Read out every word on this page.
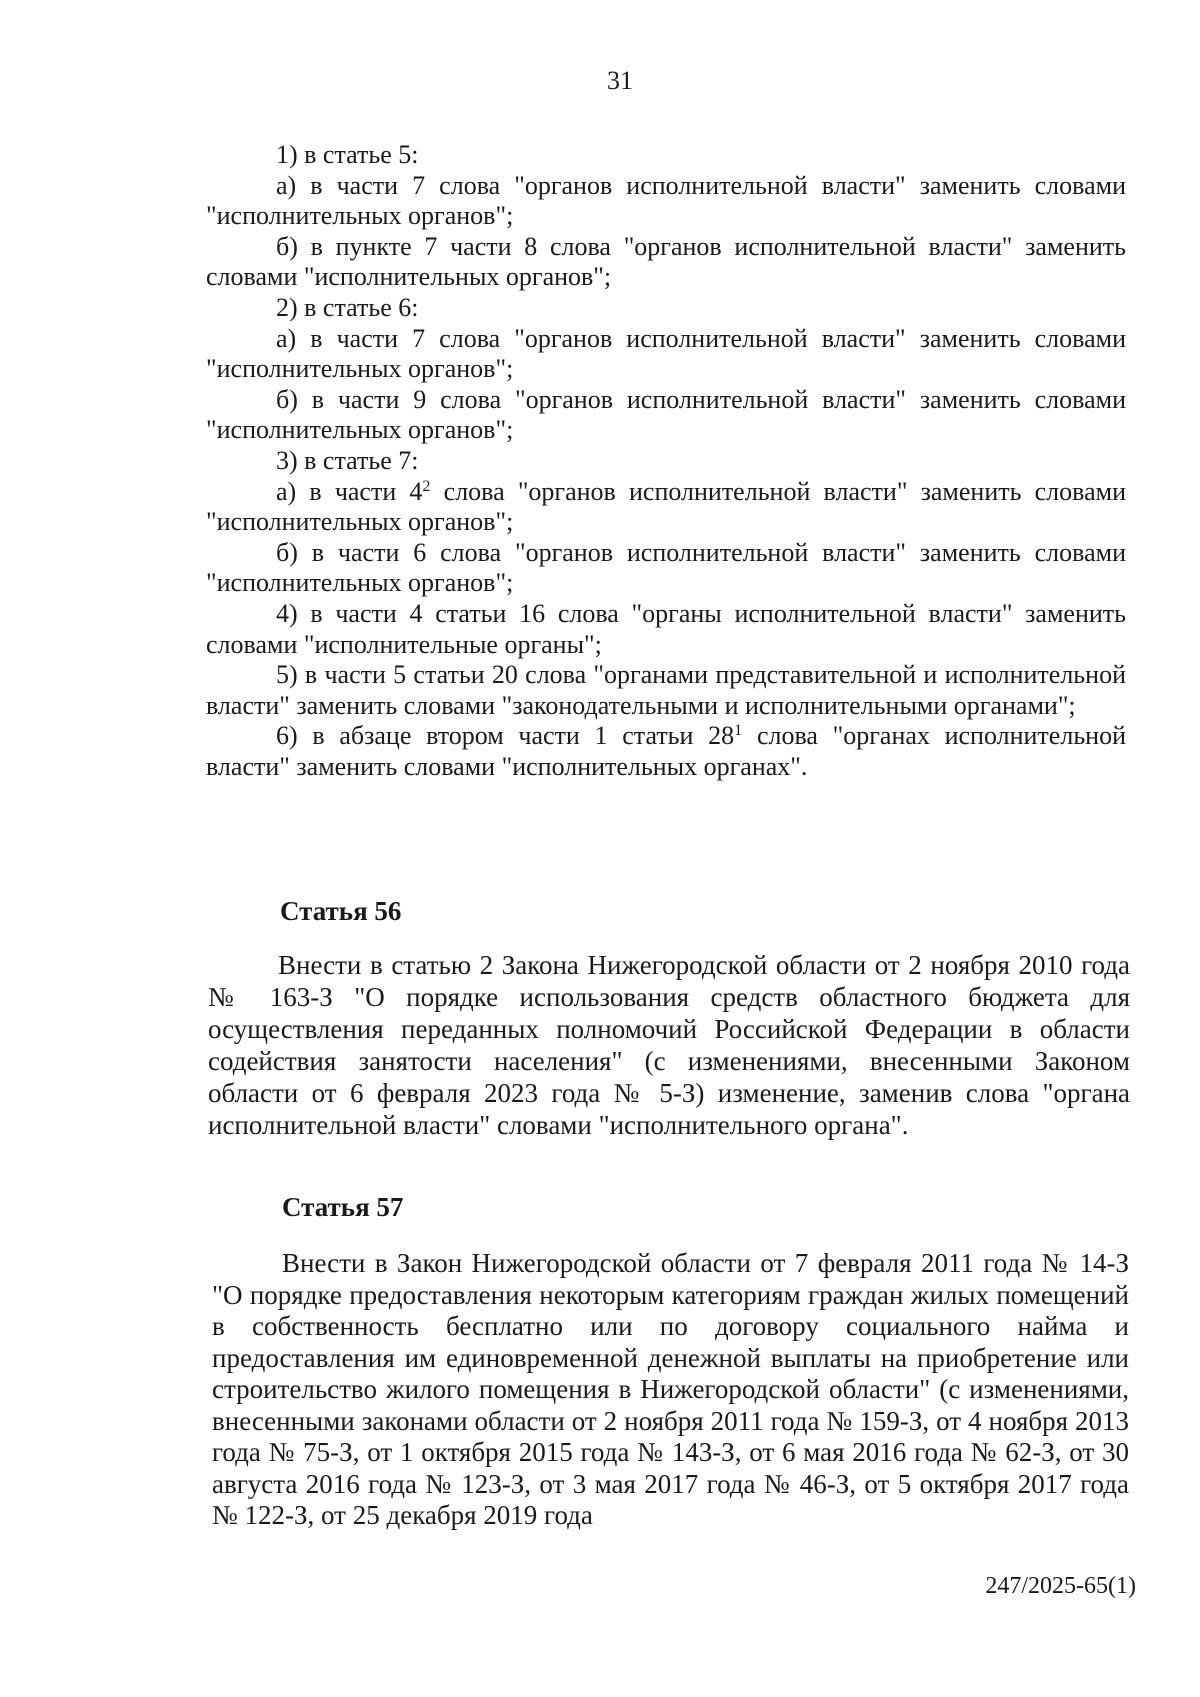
31

1) в статье 5:

а) в части 7 слова "органов исполнительной власти" заменить словами "исполнительных органов";

б) в пункте 7 части 8 слова "органов исполнительной власти" заменить словами "исполнительных органов";

2) в статье 6:

а) в части 7 слова "органов исполнительной власти" заменить словами "исполнительных органов";

б) в части 9 слова "органов исполнительной власти" заменить словами "исполнительных органов";

3) в статье 7:

а) в части $4^2$ слова "органов исполнительной власти" заменить словами "исполнительных органов";

б) в части 6 слова "органов исполнительной власти" заменить словами "исполнительных органов";

4) в части 4 статьи 16 слова "органы исполнительной власти" заменить словами "исполнительные органы";

5) в части 5 статьи 20 слова "органами представительной и исполнительной власти" заменить словами "законодательными и исполнительными органами";

6) в абзаце втором части 1 статьи $28^1$ слова "органах исполнительной власти" заменить словами "исполнительных органах".

Статья 56

Внести в статью 2 Закона Нижегородской области от 2 ноября 2010 года № 163-З "О порядке использования средств областного бюджета для осуществления переданных полномочий Российской Федерации в области содействия занятости населения" (с изменениями, внесенными Законом области от 6 февраля 2023 года № 5-З) изменение, заменив слова "органа исполнительной власти" словами "исполнительного органа".

Статья 57

Внести в Закон Нижегородской области от 7 февраля 2011 года № 14-З "О порядке предоставления некоторым категориям граждан жилых помещений в собственность бесплатно или по договору социального найма и предоставления им единовременной денежной выплаты на приобретение или строительство жилого помещения в Нижегородской области" (с изменениями, внесенными законами области от 2 ноября 2011 года № 159-З, от 4 ноября 2013 года № 75-З, от 1 октября 2015 года № 143-З, от 6 мая 2016 года № 62-З, от 30 августа 2016 года № 123-З, от 3 мая 2017 года № 46-З, от 5 октября 2017 года № 122-З, от 25 декабря 2019 года

247/2025-65(1)
